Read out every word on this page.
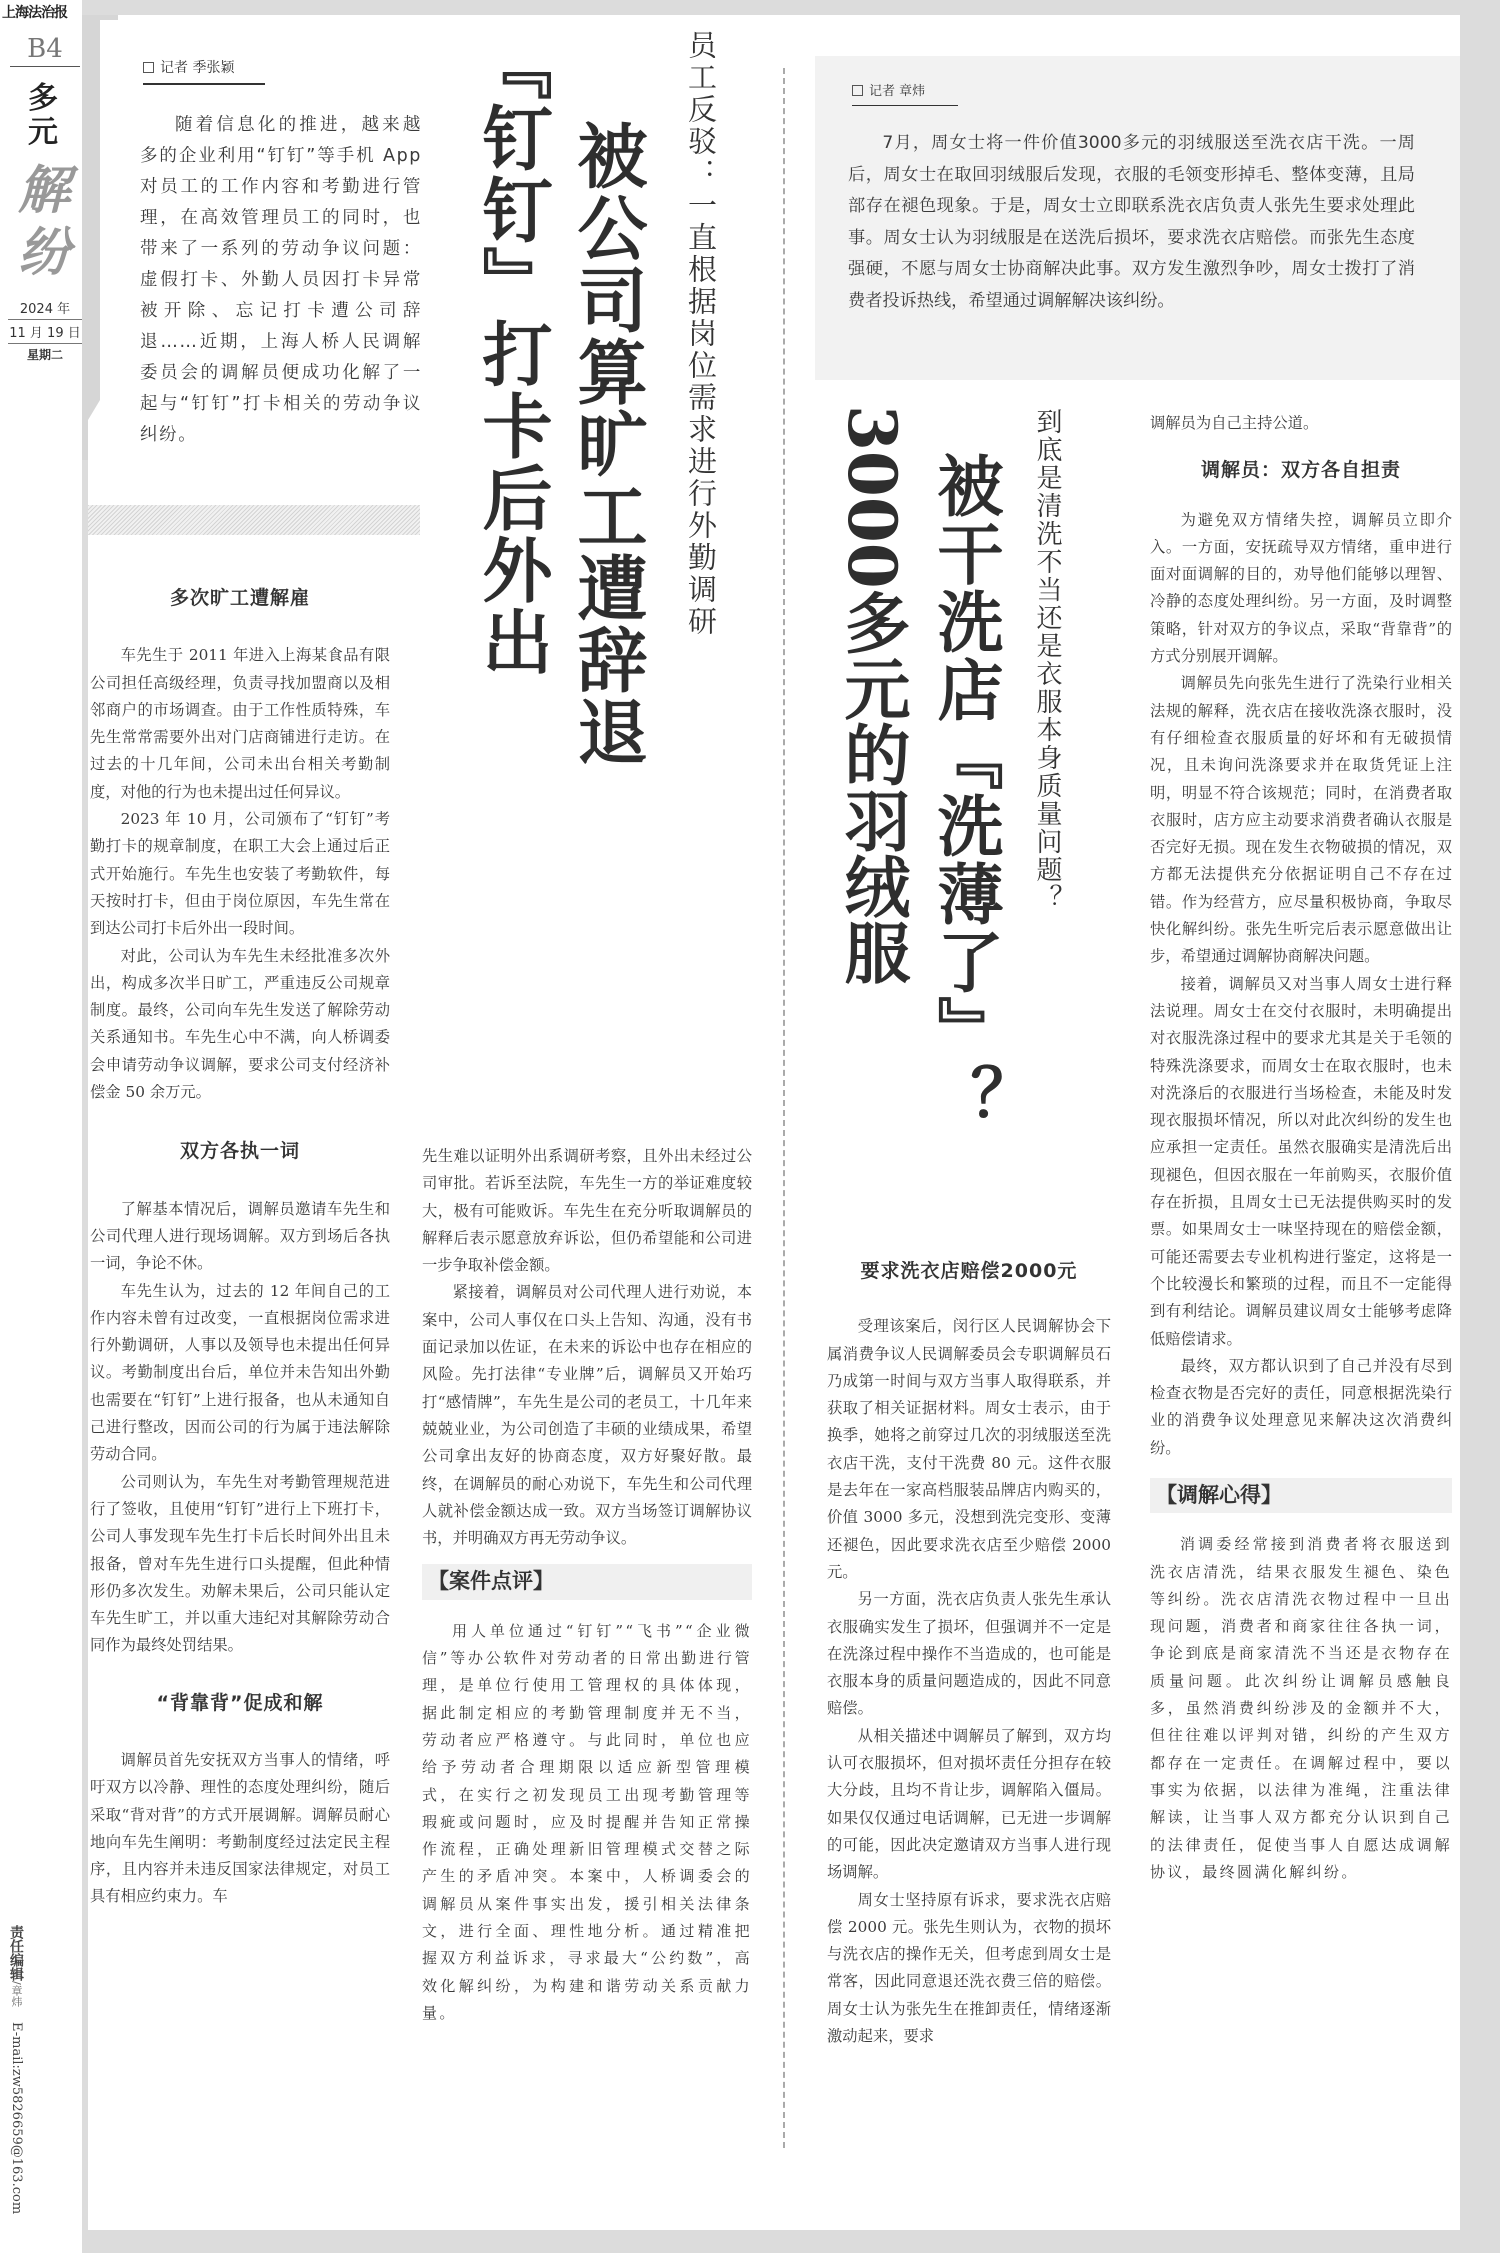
上海法治报
B4
多元
解纷
2024 年
11 月 19 日
星期二
责任编辑/章炜 E-mail:zw5826659@163.com
记者 季张颖
随着信息化的推进，越来越多的企业利用“钉钉”等手机 App 对员工的工作内容和考勤进行管理，在高效管理员工的同时，也带来了一系列的劳动争议问题：虚假打卡、外勤人员因打卡异常被开除、忘记打卡遭公司辞退……近期，上海人桥人民调解委员会的调解员便成功化解了一起与“钉钉”打卡相关的劳动争议纠纷。	员工反驳：一直根据岗位需求进行外勤调研
被公司算旷工遭辞退
『钉钉』打卡后外出
多次旷工遭解雇

车先生于 2011 年进入上海某食品有限公司担任高级经理，负责寻找加盟商以及相邻商户的市场调查。由于工作性质特殊，车先生常常需要外出对门店商铺进行走访。在过去的十几年间，公司未出台相关考勤制度，对他的行为也未提出过任何异议。

2023 年 10 月，公司颁布了“钉钉”考勤打卡的规章制度，在职工大会上通过后正式开始施行。车先生也安装了考勤软件，每天按时打卡，但由于岗位原因，车先生常在到达公司打卡后外出一段时间。

对此，公司认为车先生未经批准多次外出，构成多次半日旷工，严重违反公司规章制度。最终，公司向车先生发送了解除劳动关系通知书。车先生心中不满，向人桥调委会申请劳动争议调解，要求公司支付经济补偿金 50 余万元。

双方各执一词

了解基本情况后，调解员邀请车先生和公司代理人进行现场调解。双方到场后各执一词，争论不休。

车先生认为，过去的 12 年间自己的工作内容未曾有过改变，一直根据岗位需求进行外勤调研，人事以及领导也未提出任何异议。考勤制度出台后，单位并未告知出外勤也需要在“钉钉”上进行报备，也从未通知自己进行整改，因而公司的行为属于违法解除劳动合同。

公司则认为，车先生对考勤管理规范进行了签收，且使用“钉钉”进行上下班打卡，公司人事发现车先生打卡后长时间外出且未报备，曾对车先生进行口头提醒，但此种情形仍多次发生。劝解未果后，公司只能认定车先生旷工，并以重大违纪对其解除劳动合同作为最终处罚结果。

“背靠背”促成和解

调解员首先安抚双方当事人的情绪，呼吁双方以冷静、理性的态度处理纠纷，随后采取“背对背”的方式开展调解。调解员耐心地向车先生阐明：考勤制度经过法定民主程序，且内容并未违反国家法律规定，对员工具有相应约束力。车

先生难以证明外出系调研考察，且外出未经过公司审批。若诉至法院，车先生一方的举证难度较大，极有可能败诉。车先生在充分听取调解员的解释后表示愿意放弃诉讼，但仍希望能和公司进一步争取补偿金额。

紧接着，调解员对公司代理人进行劝说，本案中，公司人事仅在口头上告知、沟通，没有书面记录加以佐证，在未来的诉讼中也存在相应的风险。先打法律“专业牌”后，调解员又开始巧打“感情牌”，车先生是公司的老员工，十几年来兢兢业业，为公司创造了丰硕的业绩成果，希望公司拿出友好的协商态度，双方好聚好散。最终，在调解员的耐心劝说下，车先生和公司代理人就补偿金额达成一致。双方当场签订调解协议书，并明确双方再无劳动争议。

【案件点评】

用人单位通过“钉钉”“飞书”“企业微信”等办公软件对劳动者的日常出勤进行管理，是单位行使用工管理权的具体体现，据此制定相应的考勤管理制度并无不当，劳动者应严格遵守。与此同时，单位也应给予劳动者合理期限以适应新型管理模式，在实行之初发现员工出现考勤管理等瑕疵或问题时，应及时提醒并告知正常操作流程，正确处理新旧管理模式交替之际产生的矛盾冲突。本案中，人桥调委会的调解员从案件事实出发，援引相关法律条文，进行全面、理性地分析。通过精准把握双方利益诉求，寻求最大“公约数”，高效化解纠纷，为构建和谐劳动关系贡献力量。

记者 章炜

7月，周女士将一件价值3000多元的羽绒服送至洗衣店干洗。一周后，周女士在取回羽绒服后发现，衣服的毛领变形掉毛、整体变薄，且局部存在褪色现象。于是，周女士立即联系洗衣店负责人张先生要求处理此事。周女士认为羽绒服是在送洗后损坏，要求洗衣店赔偿。而张先生态度强硬，不愿与周女士协商解决此事。双方发生激烈争吵，周女士拨打了消费者投诉热线，希望通过调解解决该纠纷。

到底是清洗不当还是衣服本身质量问题？
被干洗店『洗薄了』？
3000多元的羽绒服
要求洗衣店赔偿2000元

受理该案后，闵行区人民调解协会下属消费争议人民调解委员会专职调解员石乃成第一时间与双方当事人取得联系，并获取了相关证据材料。周女士表示，由于换季，她将之前穿过几次的羽绒服送至洗衣店干洗，支付干洗费 80 元。这件衣服是去年在一家高档服装品牌店内购买的，价值 3000 多元，没想到洗完变形、变薄还褪色，因此要求洗衣店至少赔偿 2000 元。

另一方面，洗衣店负责人张先生承认衣服确实发生了损坏，但强调并不一定是在洗涤过程中操作不当造成的，也可能是衣服本身的质量问题造成的，因此不同意赔偿。

从相关描述中调解员了解到，双方均认可衣服损坏，但对损坏责任分担存在较大分歧，且均不肯让步，调解陷入僵局。如果仅仅通过电话调解，已无进一步调解的可能，因此决定邀请双方当事人进行现场调解。

周女士坚持原有诉求，要求洗衣店赔偿 2000 元。张先生则认为，衣物的损坏与洗衣店的操作无关，但考虑到周女士是常客，因此同意退还洗衣费三倍的赔偿。周女士认为张先生在推卸责任，情绪逐渐激动起来，要求

调解员为自己主持公道。

调解员：双方各自担责

为避免双方情绪失控，调解员立即介入。一方面，安抚疏导双方情绪，重申进行面对面调解的目的，劝导他们能够以理智、冷静的态度处理纠纷。另一方面，及时调整策略，针对双方的争议点，采取“背靠背”的方式分别展开调解。

调解员先向张先生进行了洗染行业相关法规的解释，洗衣店在接收洗涤衣服时，没有仔细检查衣服质量的好坏和有无破损情况，且未询问洗涤要求并在取货凭证上注明，明显不符合该规范；同时，在消费者取衣服时，店方应主动要求消费者确认衣服是否完好无损。现在发生衣物破损的情况，双方都无法提供充分依据证明自己不存在过错。作为经营方，应尽量积极协商，争取尽快化解纠纷。张先生听完后表示愿意做出让步，希望通过调解协商解决问题。

接着，调解员又对当事人周女士进行释法说理。周女士在交付衣服时，未明确提出对衣服洗涤过程中的要求尤其是关于毛领的特殊洗涤要求，而周女士在取衣服时，也未对洗涤后的衣服进行当场检查，未能及时发现衣服损坏情况，所以对此次纠纷的发生也应承担一定责任。虽然衣服确实是清洗后出现褪色，但因衣服在一年前购买，衣服价值存在折损，且周女士已无法提供购买时的发票。如果周女士一味坚持现在的赔偿金额，可能还需要去专业机构进行鉴定，这将是一个比较漫长和繁琐的过程，而且不一定能得到有利结论。调解员建议周女士能够考虑降低赔偿请求。

最终，双方都认识到了自己并没有尽到检查衣物是否完好的责任，同意根据洗染行业的消费争议处理意见来解决这次消费纠纷。

【调解心得】

消调委经常接到消费者将衣服送到洗衣店清洗，结果衣服发生褪色、染色等纠纷。洗衣店清洗衣物过程中一旦出现问题，消费者和商家往往各执一词，争论到底是商家清洗不当还是衣物存在质量问题。此次纠纷让调解员感触良多，虽然消费纠纷涉及的金额并不大，但往往难以评判对错，纠纷的产生双方都存在一定责任。在调解过程中，要以事实为依据，以法律为准绳，注重法律解读，让当事人双方都充分认识到自己的法律责任，促使当事人自愿达成调解协议，最终圆满化解纠纷。
